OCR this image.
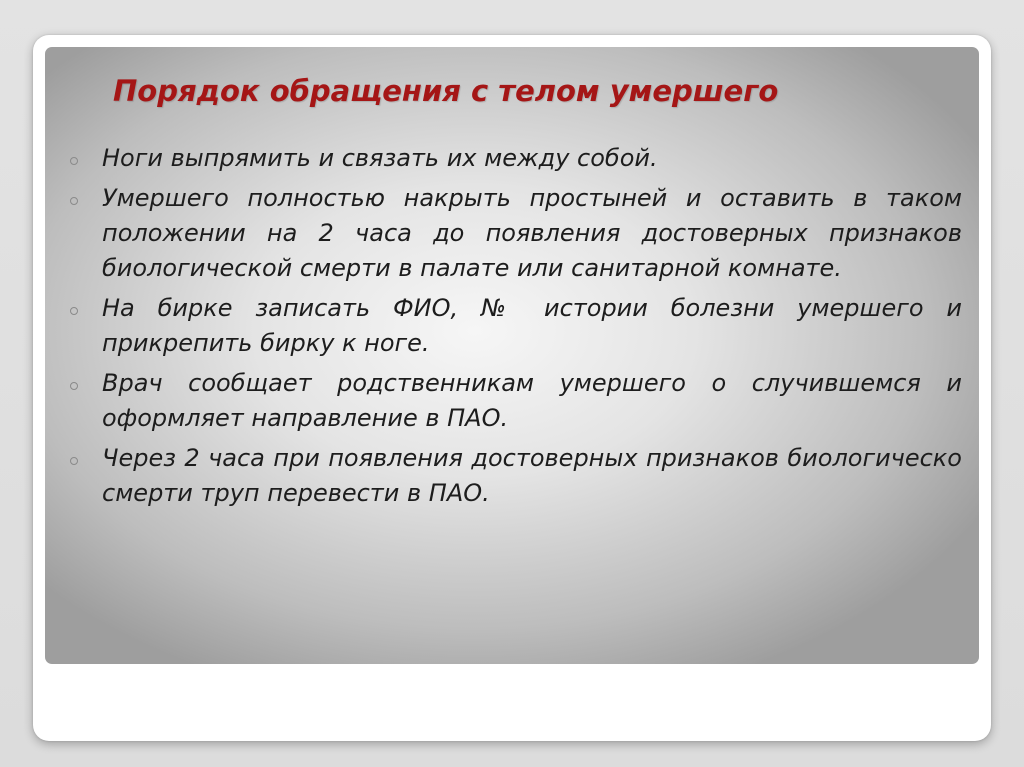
Порядок обращения с телом умершего
Ноги выпрямить и связать их между собой.
Умершего полностью накрыть простыней и оставить в таком положении на 2 часа до появления достоверных признаков биологической смерти в палате или санитарной комнате.
На бирке записать ФИО, № истории болезни умершего и прикрепить бирку к ноге.
Врач сообщает родственникам умершего о случившемся и оформляет направление в ПАО.
Через 2 часа при появления достоверных признаков биологическо смерти труп перевести в ПАО.
